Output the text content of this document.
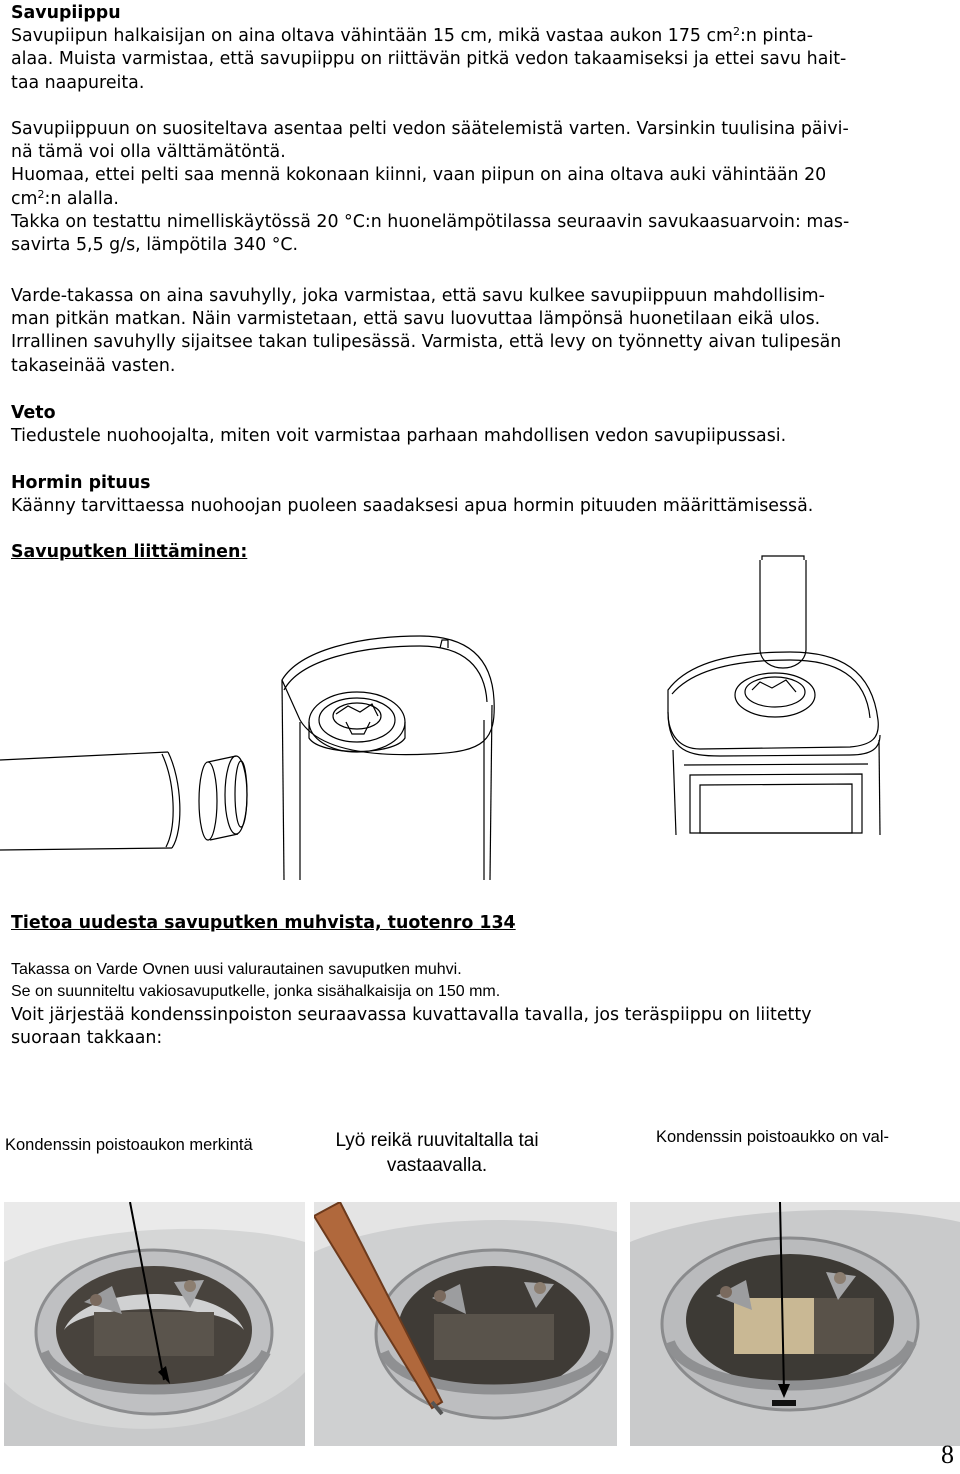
Savupiippu
Savupiipun halkaisijan on aina oltava vähintään 15 cm, mikä vastaa aukon 175 $cm^2:n$ pinta-
alaa. Muista varmistaa, että savupiippu on riittävän pitkä vedon takaamiseksi ja ettei savu hait-
taa naapureita.
Savupiippuun on suositeltava asentaa pelti vedon säätelemistä varten. Varsinkin tuulisina päivi-
nä tämä voi olla välttämätöntä.
Huomaa, ettei pelti saa mennä kokonaan kiinni, vaan piipun on aina oltava auki vähintään 20
$cm^2:n$ alalla.
Takka on testattu nimelliskäytössä 20 °C:n huonelämpötilassa seuraavin savukaasuarvoin: mas-
savirta 5,5 g/s, lämpötila 340 °C.
Varde-takassa on aina savuhylly, joka varmistaa, että savu kulkee savupiippuun mahdollisim-
man pitkän matkan. Näin varmistetaan, että savu luovuttaa lämpönsä huonetilaan eikä ulos.
Irrallinen savuhylly sijaitsee takan tulipesässä. Varmista, että levy on työnnetty aivan tulipesän
takaseinää vasten.
Veto
Tiedustele nuohoojalta, miten voit varmistaa parhaan mahdollisen vedon savupiipussasi.
Hormin pituus
Käänny tarvittaessa nuohoojan puoleen saadaksesi apua hormin pituuden määrittämisessä.
Savuputken liittäminen:
Tietoa uudesta savuputken muhvista, tuotenro 134
Takassa on Varde Ovnen uusi valurautainen savuputken muhvi.
Se on suunniteltu vakiosavuputkelle, jonka sisähalkaisija on 150 mm.
Voit järjestää kondenssinpoiston seuraavassa kuvattavalla tavalla, jos teräspiippu on liitetty
suoraan takkaan:
Kondenssin poistoaukon merkintä	Lyö reikä ruuvitaltalla tai
vastaavalla.
Kondenssin poistoaukko on val-
8
